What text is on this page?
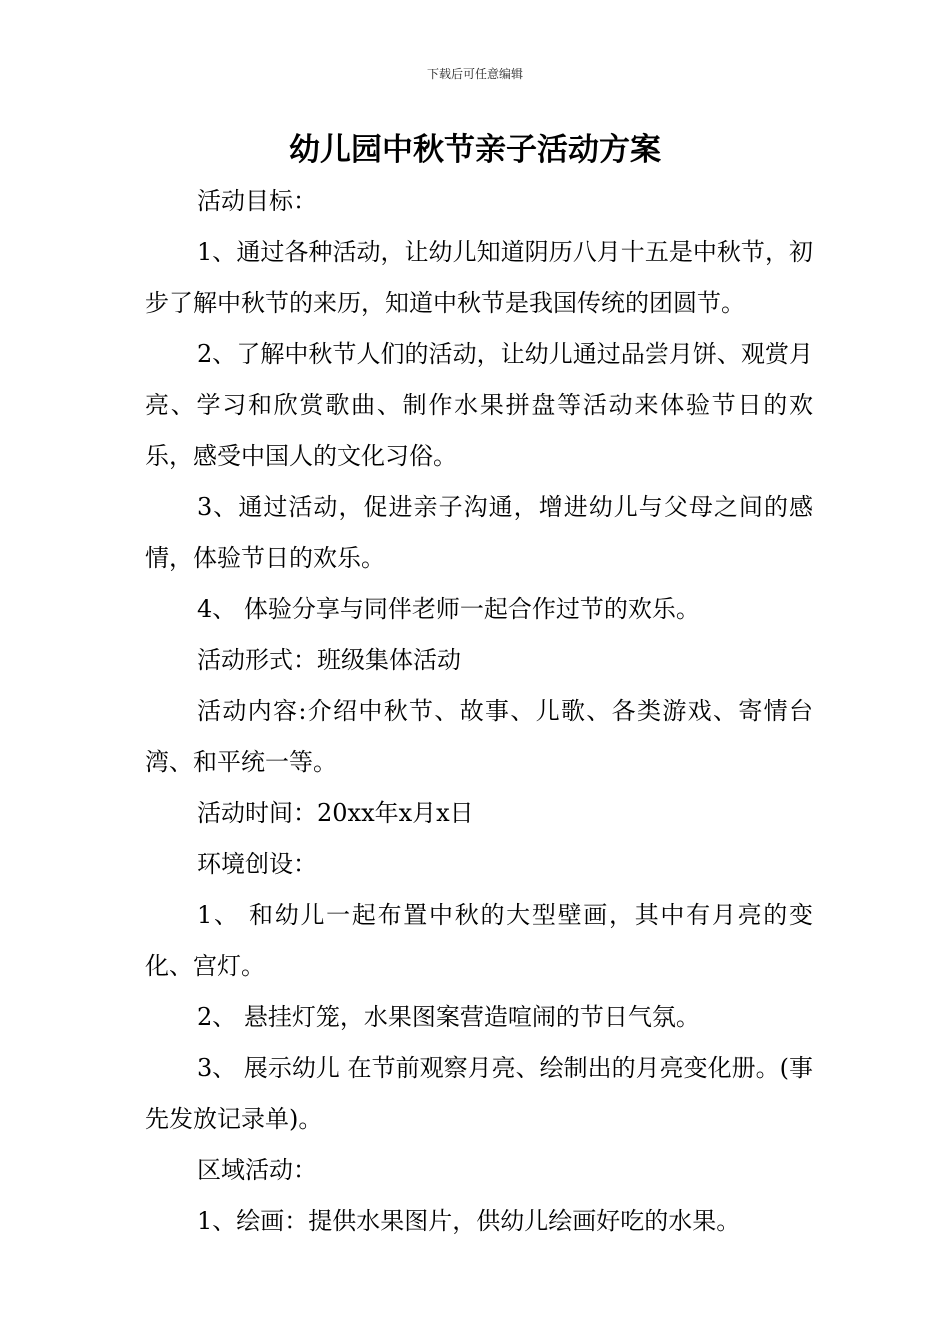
下载后可任意编辑
幼儿园中秋节亲子活动方案

活动目标：

1、通过各种活动，让幼儿知道阴历八月十五是中秋节，初步了解中秋节的来历，知道中秋节是我国传统的团圆节。

2、了解中秋节人们的活动，让幼儿通过品尝月饼、观赏月亮、学习和欣赏歌曲、制作水果拼盘等活动来体验节日的欢乐，感受中国人的文化习俗。

3、通过活动，促进亲子沟通，增进幼儿与父母之间的感情，体验节日的欢乐。

4、 体验分享与同伴老师一起合作过节的欢乐。

活动形式：班级集体活动

活动内容:介绍中秋节、故事、儿歌、各类游戏、寄情台湾、和平统一等。

活动时间：20xx年x月x日

环境创设：

1、 和幼儿一起布置中秋的大型壁画，其中有月亮的变化、宫灯。

2、 悬挂灯笼，水果图案营造喧闹的节日气氛。

3、 展示幼儿 在节前观察月亮、绘制出的月亮变化册。(事先发放记录单)。

区域活动：

1、绘画：提供水果图片，供幼儿绘画好吃的水果。
